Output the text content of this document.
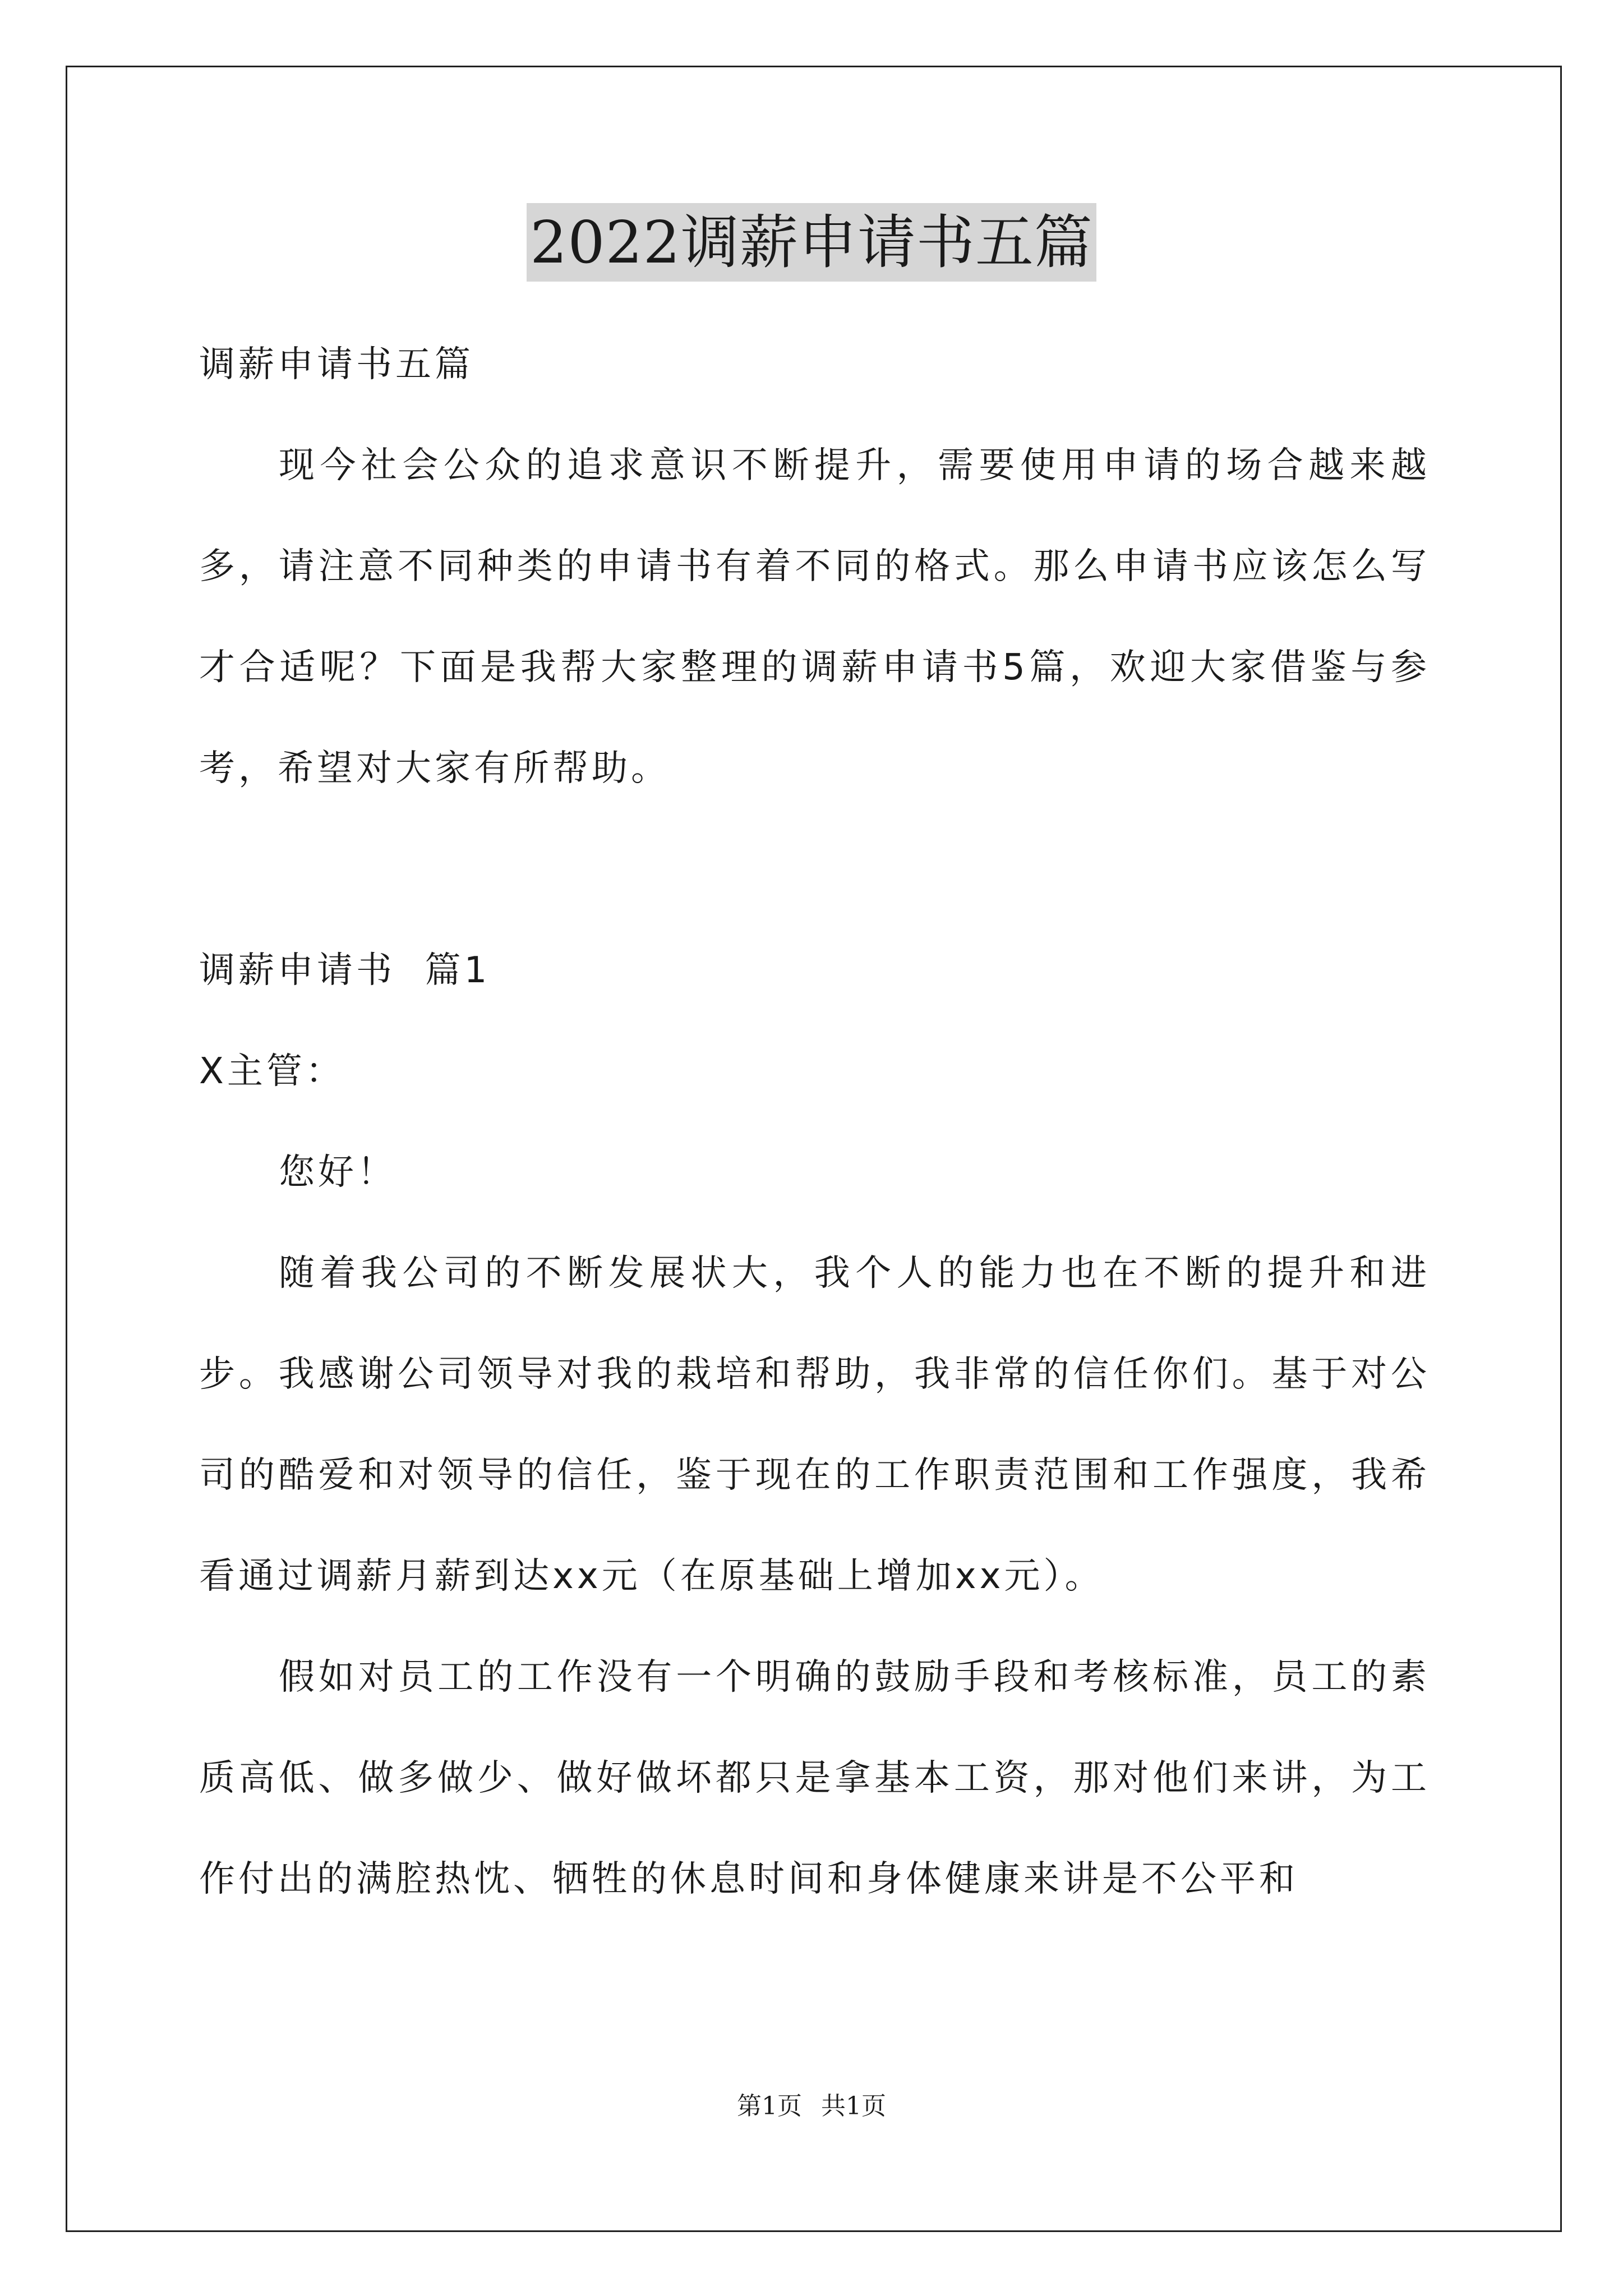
2022调薪申请书五篇

调薪申请书五篇

现今社会公众的追求意识不断提升，需要使用申请的场合越来越多，请注意不同种类的申请书有着不同的格式。那么申请书应该怎么写才合适呢？下面是我帮大家整理的调薪申请书5篇，欢迎大家借鉴与参考，希望对大家有所帮助。

调薪申请书  篇1

X主管：

您好！

随着我公司的不断发展状大，我个人的能力也在不断的提升和进步。我感谢公司领导对我的栽培和帮助，我非常的信任你们。基于对公司的酷爱和对领导的信任，鉴于现在的工作职责范围和工作强度，我希看通过调薪月薪到达xx元（在原基础上增加xx元）。

假如对员工的工作没有一个明确的鼓励手段和考核标准，员工的素质高低、做多做少、做好做坏都只是拿基本工资，那对他们来讲，为工作付出的满腔热忱、牺牲的休息时间和身体健康来讲是不公平和

第1页 共1页
